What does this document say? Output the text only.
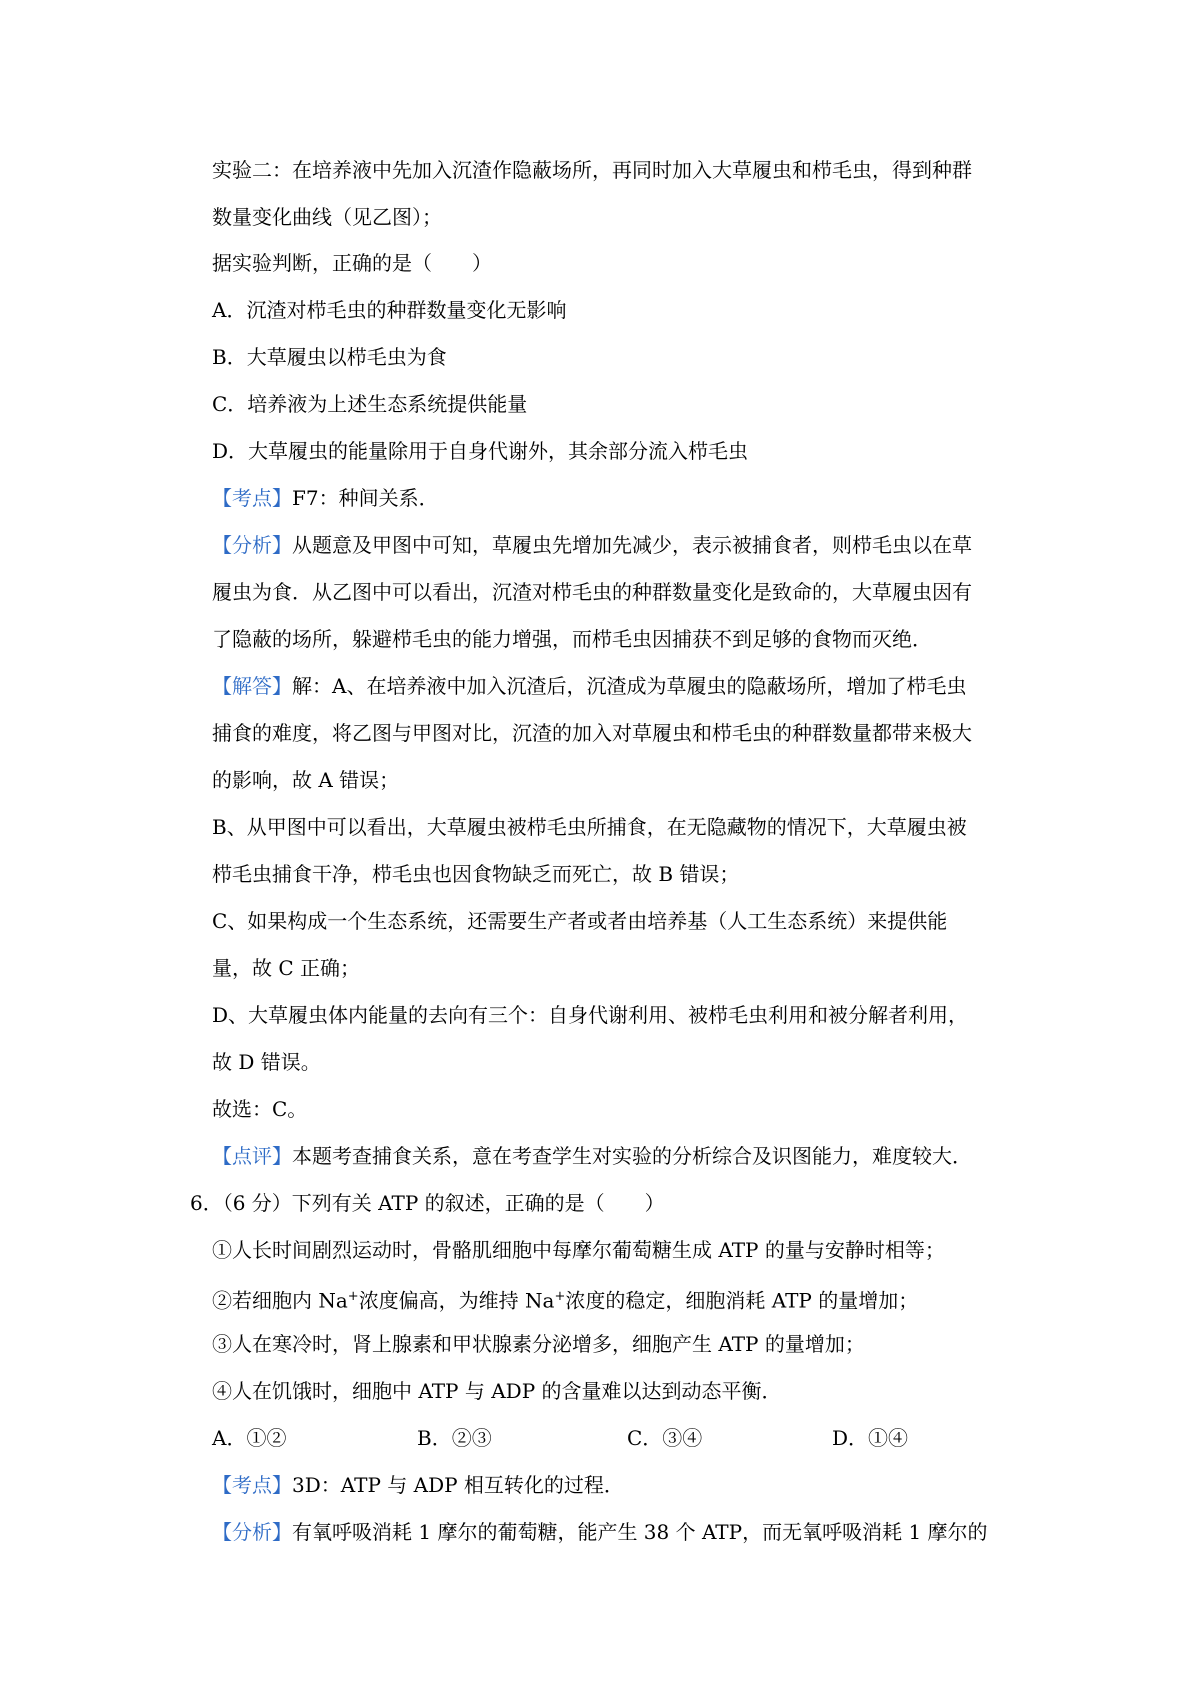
实验二：在培养液中先加入沉渣作隐蔽场所，再同时加入大草履虫和栉毛虫，得到种群
数量变化曲线（见乙图）；
据实验判断，正确的是（　　）
A．沉渣对栉毛虫的种群数量变化无影响
B．大草履虫以栉毛虫为食
C．培养液为上述生态系统提供能量
D．大草履虫的能量除用于自身代谢外，其余部分流入栉毛虫
【考点】F7：种间关系．
【分析】从题意及甲图中可知，草履虫先增加先减少，表示被捕食者，则栉毛虫以在草
履虫为食．从乙图中可以看出，沉渣对栉毛虫的种群数量变化是致命的，大草履虫因有
了隐蔽的场所，躲避栉毛虫的能力增强，而栉毛虫因捕获不到足够的食物而灭绝．
【解答】解：A、在培养液中加入沉渣后，沉渣成为草履虫的隐蔽场所，增加了栉毛虫
捕食的难度，将乙图与甲图对比，沉渣的加入对草履虫和栉毛虫的种群数量都带来极大
的影响，故 A 错误；
B、从甲图中可以看出，大草履虫被栉毛虫所捕食，在无隐藏物的情况下，大草履虫被
栉毛虫捕食干净，栉毛虫也因食物缺乏而死亡，故 B 错误；
C、如果构成一个生态系统，还需要生产者或者由培养基（人工生态系统）来提供能
量，故 C 正确；
D、大草履虫体内能量的去向有三个：自身代谢利用、被栉毛虫利用和被分解者利用，
故 D 错误。
故选：C。
【点评】本题考查捕食关系，意在考查学生对实验的分析综合及识图能力，难度较大．
6．（6 分）下列有关 ATP 的叙述，正确的是（　　）
①人长时间剧烈运动时，骨骼肌细胞中每摩尔葡萄糖生成 ATP 的量与安静时相等；
②若细胞内 Na+浓度偏高，为维持 Na+浓度的稳定，细胞消耗 ATP 的量增加；
③人在寒冷时，肾上腺素和甲状腺素分泌增多，细胞产生 ATP 的量增加；
④人在饥饿时，细胞中 ATP 与 ADP 的含量难以达到动态平衡．
A．①②	B．②③	C．③④	D．①④
【考点】3D：ATP 与 ADP 相互转化的过程．
【分析】有氧呼吸消耗 1 摩尔的葡萄糖，能产生 38 个 ATP，而无氧呼吸消耗 1 摩尔的
